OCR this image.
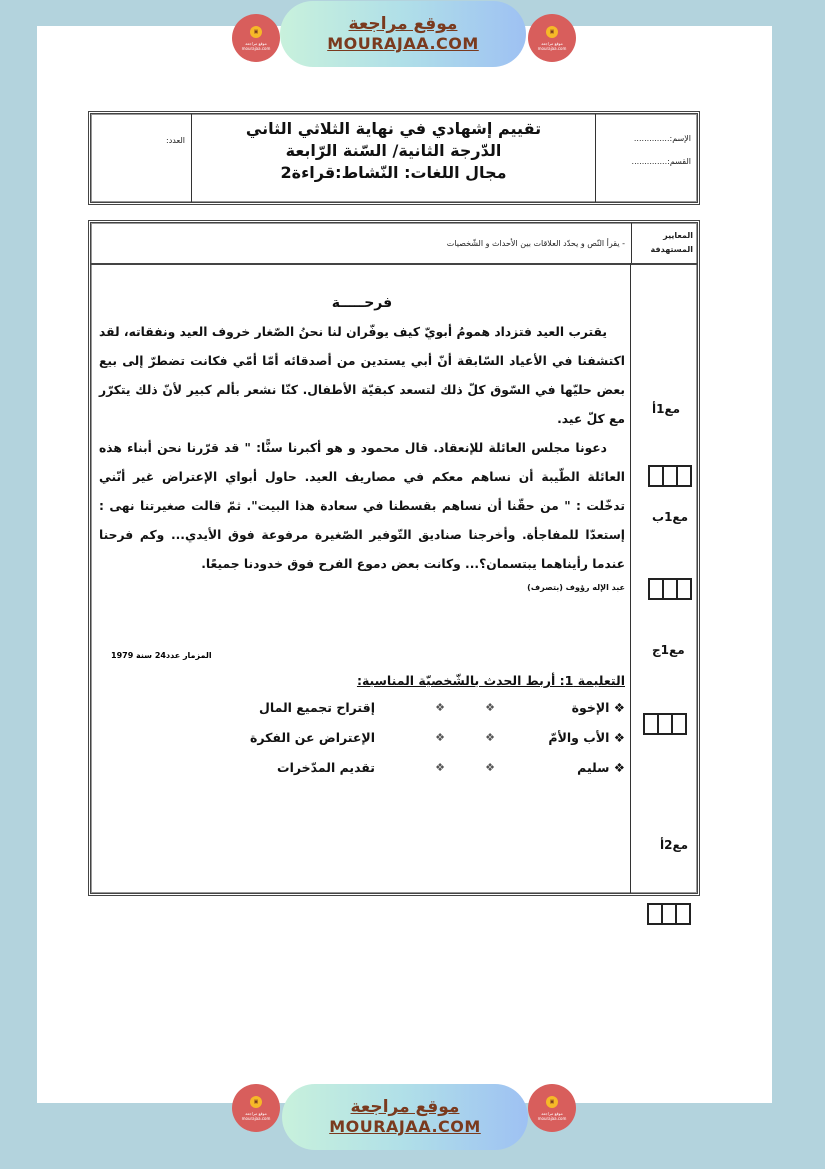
▣
موقع مراجعة mourajaa.com
موقع مراجعة
MOURAJAA.COM
▣
موقع مراجعة mourajaa.com
الإسم:..............
القسم:..............
تقييم إشهادي في نهاية الثلاثي الثاني
الدّرجة الثانية/ السّنة الرّابعة
مجال اللغات: النّشاط:قراءة2
العدد:
المعايير المستهدفة
- يقرأ النّص و يحدّد العلاقات بين الأحداث و الشّخصيات
فرحـــــة

يقترب العيد فتزداد همومُ أبويّ كيف يوفّران لنا نحنُ الصّغار خروف العيد ونفقاته، لقد اكتشفنا في الأعياد السّابقة أنّ أبي يستدين من أصدقائه أمّا أمّي فكانت تضطرّ إلى بيع بعض حليّها في السّوق كلّ ذلك لتسعد كبقيّة الأطفال. كنّا نشعر بألم كبير لأنّ ذلك يتكرّر مع كلّ عيد.

دعونا مجلس العائلة للإنعقاد. قال محمود و هو أكبرنا سنًّا: " قد قرّرنا نحن أبناء هذه العائلة الطّيبة أن نساهم معكم في مصاريف العيد. حاول أبواي الإعتراض غير أنّني تدخّلت : " من حقّنا أن نساهم بقسطنا في سعادة هذا البيت". ثمّ قالت صغيرتنا نهى : إستعدّا للمفاجأة. وأخرجنا صناديق التّوفير الصّغيرة مرفوعة فوق الأيدي... وكم فرحنا عندما رأيناهما يبتسمان؟... وكانت بعض دموع الفرح فوق خدودنا جميعًا.

عبد الإله رؤوف (بتصرف)
المزمار عدد24 سنة 1979
التعليمة 1: أربط الحدث بالشّخصيّة المناسبة:
❖ الإخوة
❖
❖
إقتراح تجميع المال
❖ الأب والأمّ
❖
❖
الإعتراض عن الفكرة
❖ سليم
❖
❖
تقديم المدّخرات
مع1أ
مع1ب
مع1ج
مع2أ
▣
موقع مراجعة mourajaa.com
موقع مراجعة
MOURAJAA.COM
▣
موقع مراجعة mourajaa.com
